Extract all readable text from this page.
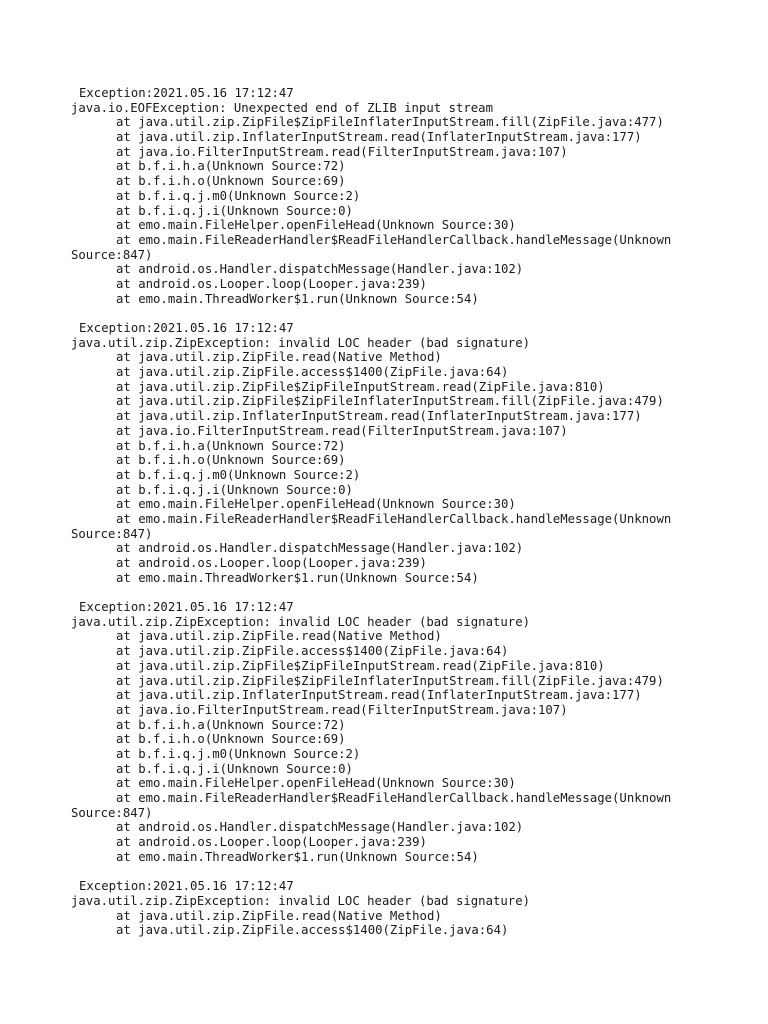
Exception:2021.05.16 17:12:47
java.io.EOFException: Unexpected end of ZLIB input stream
at java.util.zip.ZipFile$ZipFileInflaterInputStream.fill(ZipFile.java:477)
at java.util.zip.InflaterInputStream.read(InflaterInputStream.java:177)
at java.io.FilterInputStream.read(FilterInputStream.java:107)
at b.f.i.h.a(Unknown Source:72)
at b.f.i.h.o(Unknown Source:69)
at b.f.i.q.j.m0(Unknown Source:2)
at b.f.i.q.j.i(Unknown Source:0)
at emo.main.FileHelper.openFileHead(Unknown Source:30)
at emo.main.FileReaderHandler$ReadFileHandlerCallback.handleMessage(Unknown
Source:847)
at android.os.Handler.dispatchMessage(Handler.java:102)
at android.os.Looper.loop(Looper.java:239)
at emo.main.ThreadWorker$1.run(Unknown Source:54)
Exception:2021.05.16 17:12:47
java.util.zip.ZipException: invalid LOC header (bad signature)
at java.util.zip.ZipFile.read(Native Method)
at java.util.zip.ZipFile.access$1400(ZipFile.java:64)
at java.util.zip.ZipFile$ZipFileInputStream.read(ZipFile.java:810)
at java.util.zip.ZipFile$ZipFileInflaterInputStream.fill(ZipFile.java:479)
at java.util.zip.InflaterInputStream.read(InflaterInputStream.java:177)
at java.io.FilterInputStream.read(FilterInputStream.java:107)
at b.f.i.h.a(Unknown Source:72)
at b.f.i.h.o(Unknown Source:69)
at b.f.i.q.j.m0(Unknown Source:2)
at b.f.i.q.j.i(Unknown Source:0)
at emo.main.FileHelper.openFileHead(Unknown Source:30)
at emo.main.FileReaderHandler$ReadFileHandlerCallback.handleMessage(Unknown
Source:847)
at android.os.Handler.dispatchMessage(Handler.java:102)
at android.os.Looper.loop(Looper.java:239)
at emo.main.ThreadWorker$1.run(Unknown Source:54)
Exception:2021.05.16 17:12:47
java.util.zip.ZipException: invalid LOC header (bad signature)
at java.util.zip.ZipFile.read(Native Method)
at java.util.zip.ZipFile.access$1400(ZipFile.java:64)
at java.util.zip.ZipFile$ZipFileInputStream.read(ZipFile.java:810)
at java.util.zip.ZipFile$ZipFileInflaterInputStream.fill(ZipFile.java:479)
at java.util.zip.InflaterInputStream.read(InflaterInputStream.java:177)
at java.io.FilterInputStream.read(FilterInputStream.java:107)
at b.f.i.h.a(Unknown Source:72)
at b.f.i.h.o(Unknown Source:69)
at b.f.i.q.j.m0(Unknown Source:2)
at b.f.i.q.j.i(Unknown Source:0)
at emo.main.FileHelper.openFileHead(Unknown Source:30)
at emo.main.FileReaderHandler$ReadFileHandlerCallback.handleMessage(Unknown
Source:847)
at android.os.Handler.dispatchMessage(Handler.java:102)
at android.os.Looper.loop(Looper.java:239)
at emo.main.ThreadWorker$1.run(Unknown Source:54)
Exception:2021.05.16 17:12:47
java.util.zip.ZipException: invalid LOC header (bad signature)
at java.util.zip.ZipFile.read(Native Method)
at java.util.zip.ZipFile.access$1400(ZipFile.java:64)
